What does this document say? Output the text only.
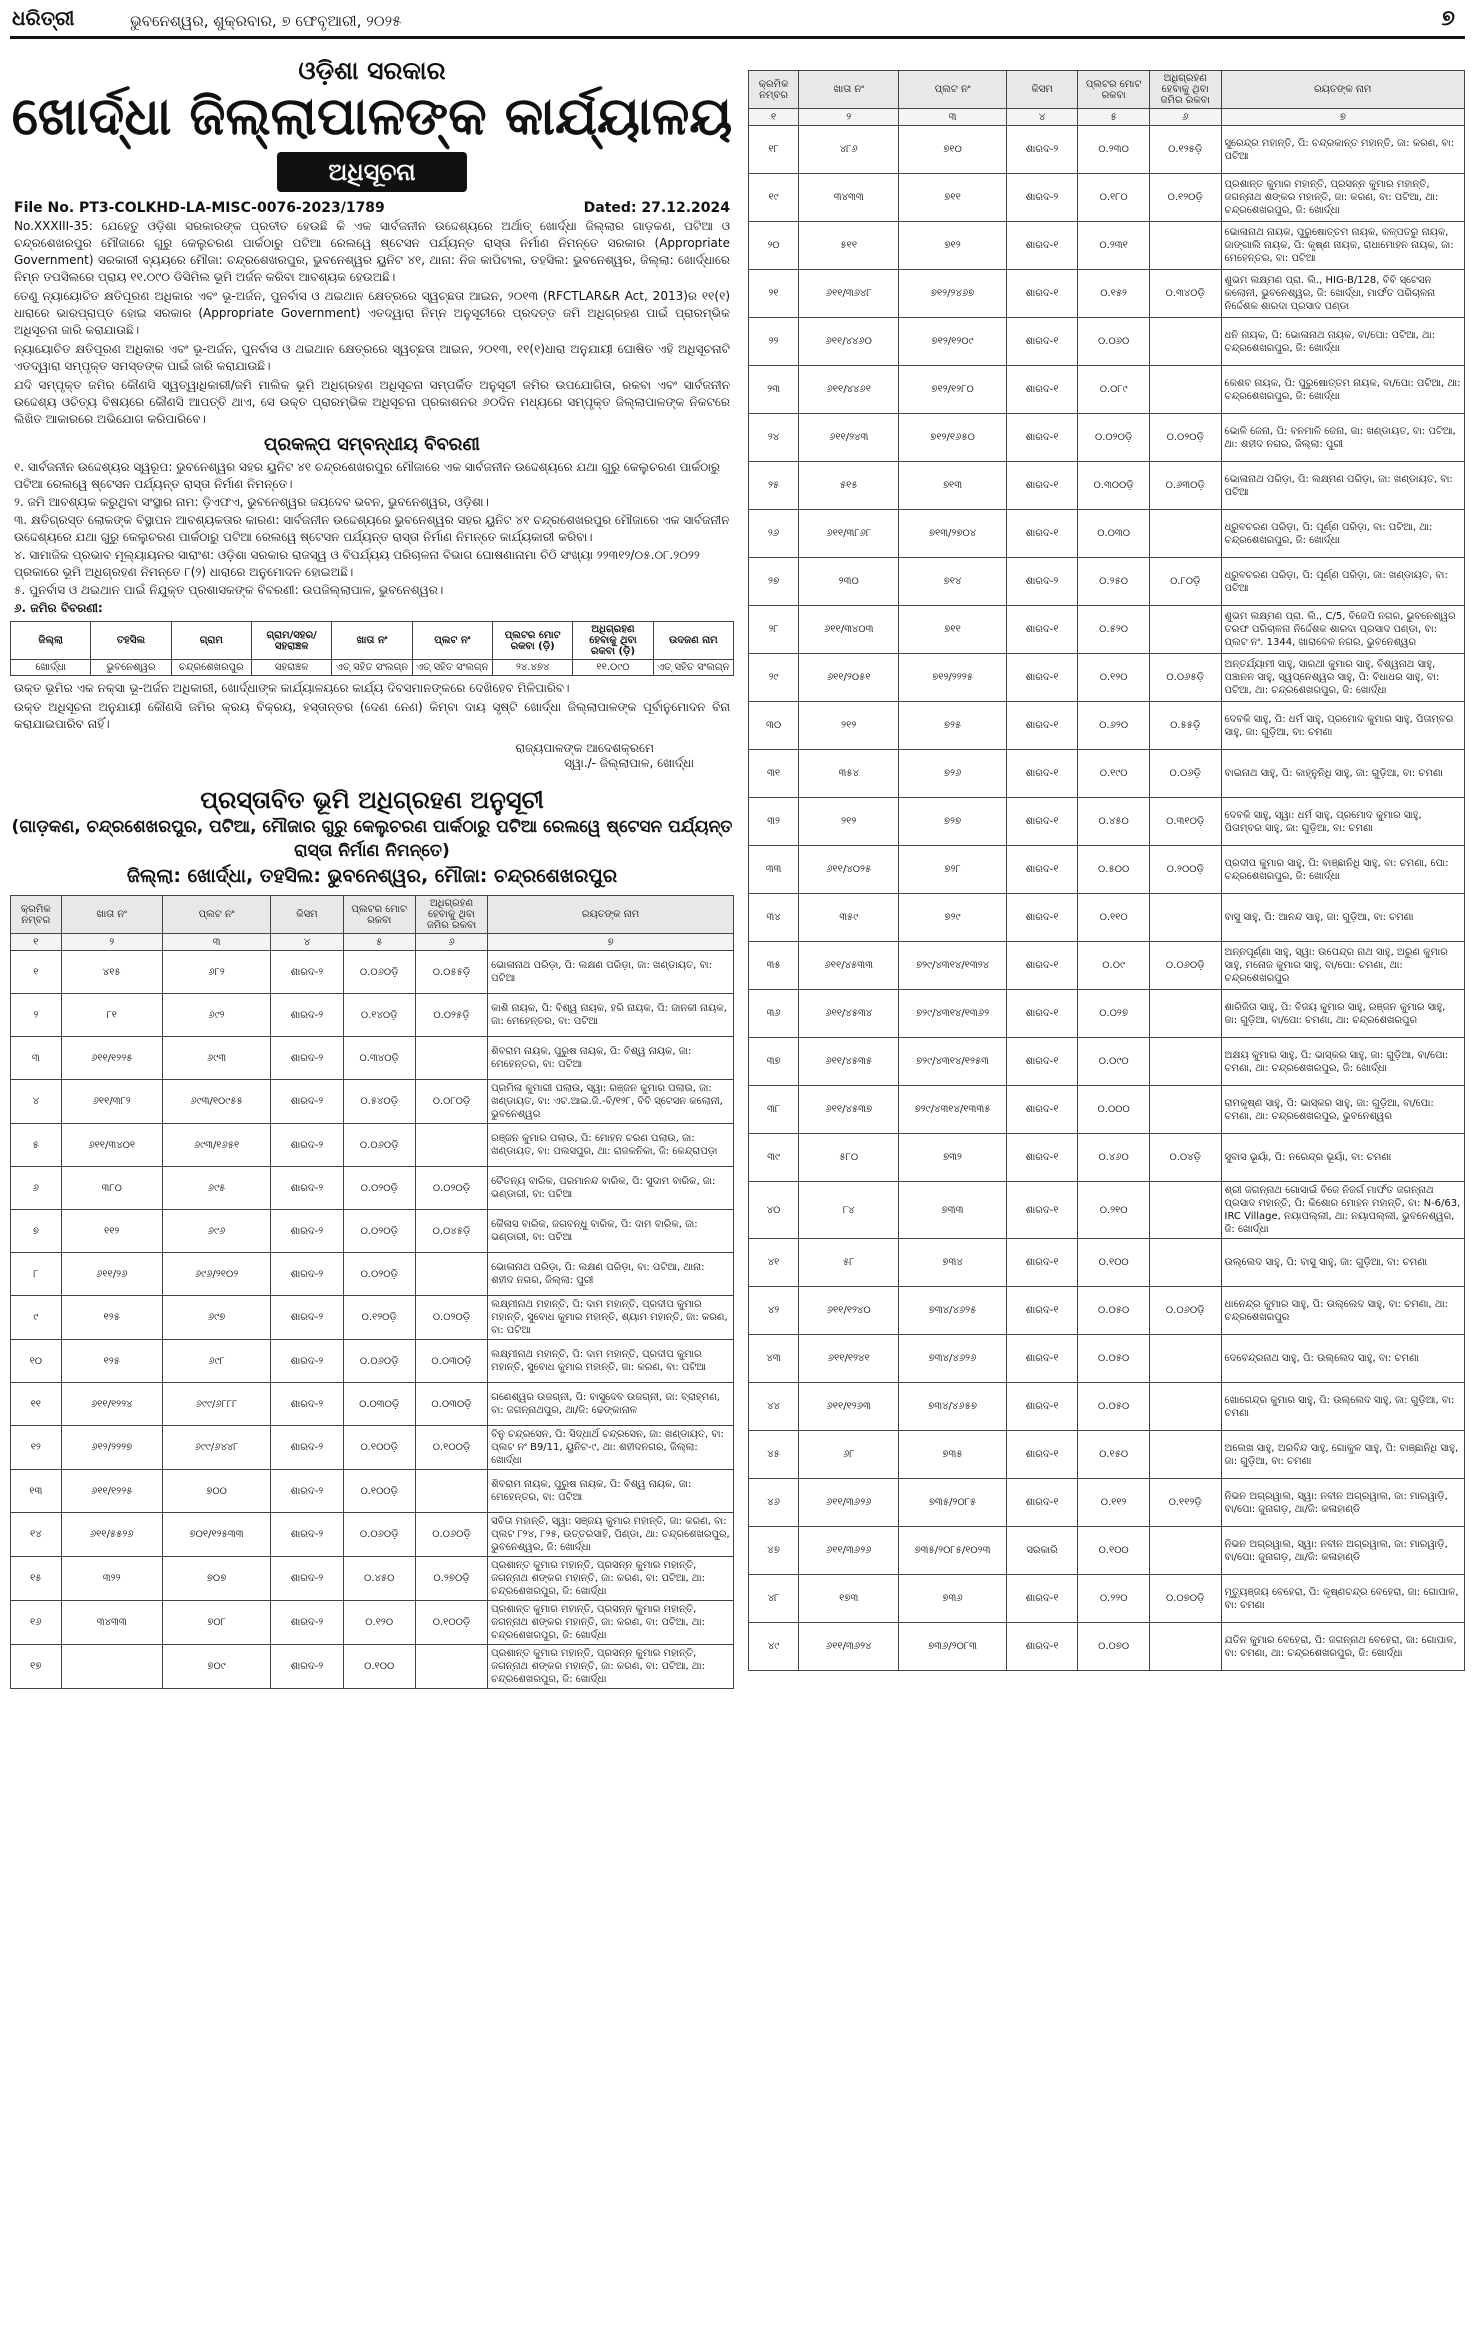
ଧରିତ୍ରୀ	ଭୁବନେଶ୍ୱର, ଶୁକ୍ରବାର, ୭ ଫେବୃଆରୀ, ୨୦୨୫	୭
ଓଡ଼ିଶା ସରକାର
ଖୋର୍ଦ୍ଧା ଜିଲ୍ଲାପାଳଙ୍କ କାର୍ଯ୍ୟାଳୟ
ଅଧିସୂଚନା
File No. PT3-COLKHD-LA-MISC-0076-2023/1789	Dated: 27.12.2024

No.XXXIII-35: ଯେହେତୁ ଓଡ଼ିଶା ସରକାରଙ୍କ ପ୍ରତୀତ ହେଉଛି କି ଏକ ସାର୍ବଜନୀନ ଉଦ୍ଦେଶ୍ୟରେ ଅର୍ଥାତ୍ ଖୋର୍ଦ୍ଧା ଜିଲ୍ଲାର ଗାଡ଼କଣ, ପଟିଆ ଓ ଚନ୍ଦ୍ରଶେଖରପୁର ମୌଜାରେ ଗୁରୁ କେଲୁଚରଣ ପାର୍କଠାରୁ ପଟିଆ ରେଲୱେ ଷ୍ଟେସନ ପର୍ଯ୍ୟନ୍ତ ରାସ୍ତା ନିର୍ମାଣ ନିମନ୍ତେ ସରକାର (Appropriate Government) ସରକାରୀ ବ୍ୟୟରେ ମୌଜା: ଚନ୍ଦ୍ରଶେଖରପୁର, ଭୁବନେଶ୍ୱର ୟୁନିଟ ୪୧, ଥାନା: ନିଜ କାପିଟାଲ, ତହସିଲ: ଭୁବନେଶ୍ୱର, ଜିଲ୍ଲା: ଖୋର୍ଦ୍ଧାରେ ନିମ୍ନ ତପସିଲରେ ପ୍ରାୟ ୧୧.୦୯୦ ଡିସିମିଲ ଭୂମି ଅର୍ଜନ କରିବା ଆବଶ୍ୟକ ହେଉଅଛି।

ତେଣୁ ନ୍ୟାୟୋଚିତ କ୍ଷତିପୂରଣ ଅଧିକାର ଏବଂ ଭୂ-ଅର୍ଜନ, ପୁନର୍ବାସ ଓ ଥଇଥାନ କ୍ଷେତ୍ରରେ ସ୍ୱଚ୍ଛତା ଆଇନ, ୨୦୧୩ (RFCTLAR&R Act, 2013)ର ୧୧(୧) ଧାରାରେ ଭାରପ୍ରାପ୍ତ ହୋଇ ସରକାର (Appropriate Government) ଏତଦ୍ୱାରା ନିମ୍ନ ଅନୁସୂଚୀରେ ପ୍ରଦତ୍ତ ଜମି ଅଧିଗ୍ରହଣ ପାଇଁ ପ୍ରାରମ୍ଭିକ ଅଧିସୂଚନା ଜାରି କରାଯାଉଛି।

ନ୍ୟାୟୋଚିତ କ୍ଷତିପୂରଣ ଅଧିକାର ଏବଂ ଭୂ-ଅର୍ଜନ, ପୁନର୍ବାସ ଓ ଥଇଥାନ କ୍ଷେତ୍ରରେ ସ୍ୱଚ୍ଛତା ଆଇନ, ୨୦୧୩, ୧୧(୧)ଧାରା ଅନୁଯାୟୀ ଘୋଷିତ ଏହି ଅଧିସୂଚନାଟି ଏତଦ୍ୱାରା ସମ୍ପୃକ୍ତ ସମସ୍ତଙ୍କ ପାଇଁ ଜାରି କରାଯାଉଛି।

ଯଦି ସମ୍ପୃକ୍ତ ଜମିର କୌଣସି ସ୍ୱତ୍ୱାଧିକାରୀ/ଜମି ମାଲିକ ଭୂମି ଅଧିଗ୍ରହଣ ଅଧିସୂଚନା ସମ୍ପର୍କିତ ଅନୁସୂଚୀ ଜମିର ଉପଯୋଗିତା, ରକବା ଏବଂ ସାର୍ବଜନୀନ ଉଦ୍ଦେଶ୍ୟ ଓଚିତ୍ୟ ବିଷୟରେ କୌଣସି ଆପତ୍ତି ଥାଏ, ସେ ଉକ୍ତ ପ୍ରାରମ୍ଭିକ ଅଧିସୂଚନା ପ୍ରକାଶନର ୬୦ଦିନ ମଧ୍ୟରେ ସମ୍ପୃକ୍ତ ଜିଲ୍ଲାପାଳଙ୍କ ନିକଟରେ ଲିଖିତ ଆକାରରେ ଅଭିଯୋଗ କରିପାରିବେ।

ପ୍ରକଳ୍ପ ସମ୍ବନ୍ଧୀୟ ବିବରଣୀ
୧. ସାର୍ବଜନୀନ ଉଦ୍ଦେଶ୍ୟର ସ୍ୱରୂପ: ଭୁବନେଶ୍ୱର ସହର ୟୁନିଟ ୪୧ ଚନ୍ଦ୍ରଶେଖରପୁର ମୌଜାରେ ଏକ ସାର୍ବଜନୀନ ଉଦ୍ଦେଶ୍ୟରେ ଯଥା ଗୁରୁ କେଲୁଚରଣ ପାର୍କଠାରୁ ପଟିଆ ରେଲୱେ ଷ୍ଟେସନ ପର୍ଯ୍ୟନ୍ତ ରାସ୍ତା ନିର୍ମାଣ ନିମନ୍ତେ।
୨. ଜମି ଆବଶ୍ୟକ କରୁଥିବା ସଂସ୍ଥାର ନାମ: ଡ଼ିଏଫଏ, ଭୁବନେଶ୍ୱର ଜୟଦେବ ଭବନ, ଭୁବନେଶ୍ୱର, ଓଡ଼ିଶା।
୩. କ୍ଷତିଗ୍ରସ୍ତ ଲୋକଙ୍କ ବିସ୍ଥାପନ ଆବଶ୍ୟକତାର କାରଣ: ସାର୍ବଜନୀନ ଉଦ୍ଦେଶ୍ୟରେ ଭୁବନେଶ୍ୱର ସହର ୟୁନିଟ ୪୧ ଚନ୍ଦ୍ରଶେଖରପୁର ମୌଜାରେ ଏକ ସାର୍ବଜନୀନ ଉଦ୍ଦେଶ୍ୟରେ ଯଥା ଗୁରୁ କେଲୁଚରଣ ପାର୍କଠାରୁ ପଟିଆ ରେଲୱେ ଷ୍ଟେସନ ପର୍ଯ୍ୟନ୍ତ ରାସ୍ତା ନିର୍ମାଣ ନିମନ୍ତେ କାର୍ଯ୍ୟକାରୀ କରିବା।
୪. ସାମାଜିକ ପ୍ରଭାବ ମୂଲ୍ୟାୟନର ସାରାଂଶ: ଓଡ଼ିଶା ସରକାର ରାଜସ୍ୱ ଓ ବିପର୍ଯ୍ୟୟ ପରିଚାଳନା ବିଭାଗ ଘୋଷଣାନାମା ଚିଠି ସଂଖ୍ୟା ୨୨୩୧୨/୦୫.୦୮.୨୦୨୨ ପ୍ରକାରେ ଭୂମି ଅଧିଗ୍ରହଣ ନିମନ୍ତେ ୮(୨) ଧାରାରେ ଅନୁମୋଦନ ହୋଇଅଛି।
୫. ପୁନର୍ବାସ ଓ ଥଇଥାନ ପାଇଁ ନିଯୁକ୍ତ ପ୍ରଶାସକଙ୍କ ବିବରଣୀ: ଉପଜିଲ୍ଲାପାଳ, ଭୁବନେଶ୍ୱର।
୬. ଜମିର ବିବରଣୀ:
ଜିଲ୍ଲା	ତହସିଲ	ଗ୍ରାମ	ଗ୍ରାମ/ସହର/ ସହରାଞ୍ଚଳ	ଖାତା ନଂ	ପ୍ଲଟ ନଂ	ପ୍ଲଟର ମୋଟ ରକବା (ଡ଼ି)	ଅଧିଗ୍ରହଣ ହେବାକୁ ଥିବା ରକବା (ଡ଼ି)	ଉଦଜଣ ନାମ
ଖୋର୍ଦ୍ଧା	ଭୁବନେଶ୍ୱର	ଚନ୍ଦ୍ରଶେଖରପୁର	ସହରାଞ୍ଚଳ	ଏତ୍ ସହିତ ସଂଲଗ୍ନ	ଏତ୍ ସହିତ ସଂଲଗ୍ନ	୨୪.୪୭୪	୧୧.୦୯୦	ଏତ୍ ସହିତ ସଂଲଗ୍ନ

ଉକ୍ତ ଭୂମିର ଏକ ନକ୍ସା ଭୂ-ଅର୍ଜନ ଅଧିକାରୀ, ଖୋର୍ଦ୍ଧାଙ୍କ କାର୍ଯ୍ୟାଳୟରେ କାର୍ଯ୍ୟ ଦିବସମାନଙ୍କରେ ଦେଖିହେବ ମିଳିପାରିବ।

ଉକ୍ତ ଅଧିସୂଚନା ଅନୁଯାୟୀ କୌଣସି ଜମିର କ୍ରୟ ବିକ୍ରୟ, ହସ୍ତାନ୍ତର (ଦେଣ ନେଣ) କିମ୍ବା ଦାୟ ସୃଷ୍ଟି ଖୋର୍ଦ୍ଧା ଜିଲ୍ଲାପାଳଙ୍କ ପୂର୍ବାନୁମୋଦନ ବିନା କରାଯାଇପାରିବ ନାହିଁ।

ରାଜ୍ୟପାଳଙ୍କ ଆଦେଶକ୍ରମେ
ସ୍ୱା./- ଜିଲ୍ଲାପାଳ, ଖୋର୍ଦ୍ଧା
ପ୍ରସ୍ତାବିତ ଭୂମି ଅଧିଗ୍ରହଣ ଅନୁସୂଚୀ
(ଗାଡ଼କଣ, ଚନ୍ଦ୍ରଶେଖରପୁର, ପଟିଆ, ମୌଜାର ଗୁରୁ କେଲୁଚରଣ ପାର୍କଠାରୁ ପଟିଆ ରେଲୱେ ଷ୍ଟେସନ ପର୍ଯ୍ୟନ୍ତ ରାସ୍ତା ନିର୍ମାଣ ନିମନ୍ତେ)
ଜିଲ୍ଲା: ଖୋର୍ଦ୍ଧା, ତହସିଲ: ଭୁବନେଶ୍ୱର, ମୌଜା: ଚନ୍ଦ୍ରଶେଖରପୁର
କ୍ରମିକ ନମ୍ବର	ଖାତା ନଂ	ପ୍ଲଟ ନଂ	କିସମ	ପ୍ଲଟର ମୋଟ ରକବା	ଅଧିଗ୍ରହଣ ହେବାକୁ ଥିବା ଜମିର ରକବା	ରୟତଙ୍କ ନାମ
୧	୨	୩	୪	୫	୬	୭
୧	୪୧୫	୬୮୨	ଶାରଦ-୨	୦.୦୬୦ଡ଼ି	୦.୦୫୫ଡ଼ି	ଭୋଳାନାଥ ପରିଡ଼ା, ପି: ଲକ୍ଷଣ ପରିଡ଼ା, ଜା: ଖଣ୍ଡାୟତ, ବା: ପଟିଆ
୨	୮୧	୬୯୨	ଶାରଦ-୨	୦.୧୪୦ଡ଼ି	୦.୦୨୫ଡ଼ି	କାଶି ନାୟକ, ପି: ବିଶ୍ୱ ନାୟକ, ହରି ନାୟକ, ପି: ଜାନକୀ ନାୟକ, ଜା: ମେହେନ୍ତର, ବା: ପଟିଆ
୩	୬୧୧/୧୨୨୫	୬୯୩	ଶାରଦ-୨	୦.୩୪୦ଡ଼ି		ଶିବରାମ ନାୟକ, ପୁରୁଷ ନାୟକ, ପି: ବିଶ୍ୱ ନାୟକ, ଜା: ମେହେନ୍ତର, ବା: ପଟିଆ
୪	୬୧୧/୩୮୨	୬୯୩/୧୦୯୫୫	ଶାରଦ-୨	୦.୫୪୦ଡ଼ି	୦.୦୮୦ଡ଼ି	ପ୍ରମିଳା କୁମାରୀ ପଲାଉ, ସ୍ୱା: ରଞ୍ଜନ କୁମାର ପଲାଉ, ଜା: ଖଣ୍ଡାୟତ, ବା: ଏଚ.ଆଇ.ଜି.-ବି/୧୨୮, ବିବି ସ୍ଟେସନ କଲୋନୀ, ଭୁବନେଶ୍ୱର
୫	୬୧୧/୩୪୦୧	୬୯୩/୧୬୫୧	ଶାରଦ-୨	୦.୦୬୦ଡ଼ି		ରଞ୍ଜନ କୁମାର ପଲାଉ, ପି: ମୋହନ ଚରଣ ପଲାଉ, ଜା: ଖଣ୍ଡାୟତ, ବା: ପଲସପୁର, ଥା: ରାଜକନିକା, ଜି: କେନ୍ଦ୍ରାପଡ଼ା
୬	୩୮୦	୬୯୫	ଶାରଦ-୨	୦.୦୨୦ଡ଼ି	୦.୦୨୦ଡ଼ି	ଚୈତନ୍ୟ ବାରିକ, ପରମାନନ୍ଦ ବାରିକ, ପି: ସୁଦାମ ବାରିକ, ଜା: ଭଣ୍ଡାରୀ, ବା: ପଟିଆ
୭	୧୧୨	୬୯୬	ଶାରଦ-୨	୦.୦୨୦ଡ଼ି	୦.୦୪୫ଡ଼ି	କୈଳାସ ବାରିକ, ଜଗବନ୍ଧୁ ବାରିକ, ପି: ଦାମ ବାରିକ, ଜା: ଭଣ୍ଡାରୀ, ବା: ପଟିଆ
୮	୬୧୧/୨୬	୬୯୬/୨୧୦୨	ଶାରଦ-୨	୦.୦୨୦ଡ଼ି		ଭୋଳାନାଥ ପରିଡ଼ା, ପି: ଲକ୍ଷଣ ପରିଡ଼ା, ବା: ପଟିଆ, ଥାନା: ଶହୀଦ ନଗର, ଜିଲ୍ଲା: ପୁରୀ
୯	୧୨୫	୬୯୭	ଶାରଦ-୨	୦.୧୨୦ଡ଼ି	୦.୦୨୦ଡ଼ି	ଲକ୍ଷ୍ମୀନାଥ ମହାନ୍ତି, ପି: ଦାମ ମହାନ୍ତି, ପ୍ରଦୀପ କୁମାର ମହାନ୍ତି, ସୁବୋଧ କୁମାର ମହାନ୍ତି, ଶ୍ୟାମ ମହାନ୍ତି, ଜା: କରଣ, ବା: ପଟିଆ
୧୦	୧୨୫	୬୯୮	ଶାରଦ-୨	୦.୦୬୦ଡ଼ି	୦.୦୩୦ଡ଼ି	ଲକ୍ଷ୍ମୀନାଥ ମହାନ୍ତି, ପି: ଦାମ ମହାନ୍ତି, ପ୍ରଦୀପ କୁମାର ମହାନ୍ତି, ସୁବୋଧ କୁମାର ମହାନ୍ତି, ଜା: କରଣ, ବା: ପଟିଆ
୧୧	୬୧୧/୧୨୨୪	୬୯୯/୬୮୮୮	ଶାରଦ-୨	୦.୦୩୦ଡ଼ି	୦.୦୩୦ଡ଼ି	ଗଣେଶ୍ୱର ଉଜଗ୍ନୀ, ପି: ବାସୁଦେବ ଉଜଗ୍ନୀ, ଜା: ବ୍ରାହ୍ମଣ, ବା: ଜଗନ୍ନାଥପୁର, ଥା/ଜି: ଢେଙ୍କାନାଳ
୧୨	୬୧୨/୨୨୨୭	୬୯୯/୬୪୪୮	ଶାରଦ-୨	୦.୧୦୦ଡ଼ି	୦.୧୦୦ଡ଼ି	ବିନୁ ଚନ୍ଦ୍ରସେନ, ପି: ସିଦ୍ଧାର୍ଥ ଚନ୍ଦ୍ରସେନ, ଜା: ଖଣ୍ଡାୟତ, ବା: ପ୍ଲଟ ନଂ B9/11, ୟୁନିଟ-୯, ଥା: ଶହୀଦନଗର, ଜିଲ୍ଲା: ଖୋର୍ଦ୍ଧା
୧୩	୬୧୧/୧୨୨୫	୭୦୦	ଶାରଦ-୨	୦.୧୦୦ଡ଼ି		ଶିବରାମ ନାୟକ, ପୁରୁଷ ନାୟକ, ପି: ବିଶ୍ୱ ନାୟକ, ଜା: ମେହେନ୍ତର, ବା: ପଟିଆ
୧୪	୬୧୧/୫୫୨୬	୭୦୧/୧୨୫୩୩	ଶାରଦ-୨	୦.୦୬୦ଡ଼ି	୦.୦୬୦ଡ଼ି	ସବିତା ମହାନ୍ତି, ସ୍ୱା: ସଞ୍ଜୟ କୁମାର ମହାନ୍ତି, ଜା: କରଣ, ବା: ପ୍ଲଟ ୮୨୪, ୮୨୫, ଉତ୍ତରସାହି, ପିଣ୍ଡା, ଥା: ଚନ୍ଦ୍ରଶେଖରପୁର, ଭୁବନେଶ୍ୱର, ଜି: ଖୋର୍ଦ୍ଧା
୧୫	୩୨୨	୭୦୭	ଶାରଦ-୨	୦.୪୫୦	୦.୨୭୦ଡ଼ି	ପ୍ରଶାନ୍ତ କୁମାର ମହାନ୍ତି, ପ୍ରସନ୍ନ କୁମାର ମହାନ୍ତି, ଜଗନ୍ନାଥ ଶଙ୍କର ମହାନ୍ତି, ଜା: କରଣ, ବା: ପଟିଆ, ଥା: ଚନ୍ଦ୍ରଶେଖରପୁର, ଜି: ଖୋର୍ଦ୍ଧା
୧୬	୩୪୩୩	୭୦୮	ଶାରଦ-୨	୦.୧୨୦	୦.୧୦୦ଡ଼ି	ପ୍ରଶାନ୍ତ କୁମାର ମହାନ୍ତି, ପ୍ରସନ୍ନ କୁମାର ମହାନ୍ତି, ଜଗନ୍ନାଥ ଶଙ୍କର ମହାନ୍ତି, ଜା: କରଣ, ବା: ପଟିଆ, ଥା: ଚନ୍ଦ୍ରଶେଖରପୁର, ଜି: ଖୋର୍ଦ୍ଧା
୧୭		୭୦୯	ଶାରଦ-୨	୦.୧୦୦		ପ୍ରଶାନ୍ତ କୁମାର ମହାନ୍ତି, ପ୍ରସନ୍ନ କୁମାର ମହାନ୍ତି, ଜଗନ୍ନାଥ ଶଙ୍କର ମହାନ୍ତି, ଜା: କରଣ, ବା: ପଟିଆ, ଥା: ଚନ୍ଦ୍ରଶେଖରପୁର, ଜି: ଖୋର୍ଦ୍ଧା
କ୍ରମିକ ନମ୍ବର	ଖାତା ନଂ	ପ୍ଲଟ ନଂ	କିସମ	ପ୍ଲଟର ମୋଟ ରକବା	ଅଧିଗ୍ରହଣ ହେବାକୁ ଥିବା ଜମିର ରକବା	ରୟତଙ୍କ ନାମ
୧	୨	୩	୪	୫	୬	୭
୧୮	୪୮୬	୭୧୦	ଶାରଦ-୨	୦.୨୩୦	୦.୧୨୫ଡ଼ି	ସୁରେନ୍ଦ୍ର ମହାନ୍ତି, ପି: ଚନ୍ଦ୍ରକାନ୍ତ ମହାନ୍ତି, ଜା: କରଣ, ବା: ପଟିଆ
୧୯	୩୪୩୩	୭୧୧	ଶାରଦ-୨	୦.୧୮୦	୦.୧୨୦ଡ଼ି	ପ୍ରଶାନ୍ତ କୁମାର ମହାନ୍ତି, ପ୍ରସନ୍ନ କୁମାର ମହାନ୍ତି, ଜଗନ୍ନାଥ ଶଙ୍କର ମହାନ୍ତି, ଜା: କରଣ, ବା: ପଟିଆ, ଥା: ଚନ୍ଦ୍ରଶେଖରପୁର, ଜି: ଖୋର୍ଦ୍ଧା
୨୦	୫୧୧	୭୧୨	ଶାରଦ-୧	୦.୨୩୧		ଭୋଳାନାଥ ନାୟକ, ପୁରୁଷୋତ୍ତମ ନାୟକ, କଳ୍ପତରୁ ନାୟକ, ଜାଙ୍ଗାଲି ନାୟକ, ପି: କୃଷ୍ଣ ନାୟକ, ରାଧାମୋହନ ନାୟକ, ଜା: ମେହେନ୍ତର, ବା: ପଟିଆ
୨୧	୬୧୧/୩୬୪୮	୭୧୨/୨୪୬୭	ଶାରଦ-୧	୦.୧୫୨	୦.୩୪୦ଡ଼ି	ଶୁଭମ ଲକ୍ଷ୍ମଣ ପ୍ରା. ଲି., HIG-B/128, ବିବି ସ୍ଟେସନ କଲୋନୀ, ଭୁବନେଶ୍ୱର, ଜି: ଖୋର୍ଦ୍ଧା, ମାର୍ଫତ ପରିଚାଳନା ନିର୍ଦ୍ଦେଶକ ଶାରଦା ପ୍ରସାଦ ପଣ୍ଡା
୨୨	୬୧୧/୪୪୬୦	୭୧୨/୧୨୦୯	ଶାରଦ-୧	୦.୦୬୦		ଧନି ନାୟକ, ପି: ଭୋଳାନାଥ ନାୟକ, ବା/ପୋ: ପଟିଆ, ଥା: ଚନ୍ଦ୍ରଶେଖରପୁର, ଜି: ଖୋର୍ଦ୍ଧା
୨୩	୬୧୧/୪୪୬୧	୭୧୨/୧୨୮୦	ଶାରଦ-୧	୦.୦୮୯		କେଶବ ନାୟକ, ପି: ପୁରୁଷୋତ୍ତମ ନାୟକ, ବା/ପୋ: ପଟିଆ, ଥା: ଚନ୍ଦ୍ରଶେଖରପୁର, ଜି: ଖୋର୍ଦ୍ଧା
୨୪	୬୧୧/୨୪୩	୭୧୨/୧୬୫୦	ଶାରଦ-୧	୦.୦୨୦ଡ଼ି	୦.୦୨୦ଡ଼ି	ଭୋଳି ଜେନା, ପି: ବନମାଳି ଜେନା, ଜା: ଖଣ୍ଡାୟତ, ବା: ପଟିଆ, ଥା: ଶହୀଦ ନଗର, ଜିଲ୍ଲା: ପୁରୀ
୨୫	୫୧୫	୭୧୩	ଶାରଦ-୧	୦.୩୦୦ଡ଼ି	୦.୬୩୦ଡ଼ି	ଭୋଳାନାଥ ପରିଡ଼ା, ପି: ଲକ୍ଷ୍ମଣ ପରିଡ଼ା, ଜା: ଖଣ୍ଡାୟତ, ବା: ପଟିଆ
୨୬	୬୧୧/୩୮୬୮	୭୧୩/୨୭୦୪	ଶାରଦ-୧	୦.୦୩୦		ଧ୍ରୁବଚରଣ ପରିଡ଼ା, ପି: ପୂର୍ଣ୍ଣ ପରିଡ଼ା, ବା: ପଟିଆ, ଥା: ଚନ୍ଦ୍ରଶେଖରପୁର, ଜି: ଖୋର୍ଦ୍ଧା
୨୭	୨୩୦	୭୧୪	ଶାରଦ-୨	୦.୨୫୦	୦.୮୦ଡ଼ି	ଧ୍ରୁବଚରଣ ପରିଡ଼ା, ପି: ପୂର୍ଣ୍ଣ ପରିଡ଼ା, ଜା: ଖଣ୍ଡାୟତ, ବା: ପଟିଆ
୨୮	୬୧୧/୩୪୦୩	୭୧୧	ଶାରଦ-୧	୦.୫୨୦		ଶୁଭମ ଲକ୍ଷ୍ମଣ ପ୍ରା. ଲି., C/5, ବିଜେପି ନଗର, ଭୁବନେଶ୍ୱର ତରଫ ପରିଚାଳନା ନିର୍ଦ୍ଦେଶକ ଶାରଦା ପ୍ରସାଦ ପଣ୍ଡା, ବା: ପ୍ଲଟ ନଂ. 1344, ଖାରାବେଳ ନଗର, ଭୁବନେଶ୍ୱର
୨୯	୬୧୧/୨୦୫୧	୭୧୨/୨୨୨୫	ଶାରଦ-୧	୦.୧୨୦	୦.୦୬୫ଡ଼ି	ଅନ୍ତର୍ଯ୍ୟାମୀ ସାହୁ, ସାରଥୀ କୁମାର ସାହୁ, ବିଶ୍ୱନାଥ ସାହୁ, ପଞ୍ଚାନନ ସାହୁ, ସ୍ୱପ୍ନେଶ୍ୱର ସାହୁ, ପି: ବିଧାଧର ସାହୁ, ବା: ପଟିଆ, ଥା: ଚନ୍ଦ୍ରଶେଖରପୁର, ଜି: ଖୋର୍ଦ୍ଧା
୩୦	୨୧୨	୭୨୫	ଶାରଦ-୧	୦.୬୨୦	୦.୫୫ଡ଼ି	ଦେବକି ସାହୁ, ପି: ଧର୍ମ ସାହୁ, ପ୍ରମୋଦ କୁମାର ସାହୁ, ପିତାମ୍ବର ସାହୁ, ଜା: ଗୁଡ଼ିଆ, ବା: ଚମଣା
୩୧	୩୫୪	୭୨୬	ଶାରଦ-୧	୦.୧୯୦	୦.୦୬ଡ଼ି	ବାଇନାଥ ସାହୁ, ପି: କାହ୍ନୁନିଧି ସାହୁ, ଜା: ଗୁଡ଼ିଆ, ବା: ଚମଣା
୩୨	୨୧୨	୭୨୭	ଶାରଦ-୧	୦.୪୫୦	୦.୩୧୦ଡ଼ି	ଦେବକି ସାହୁ, ସ୍ୱା: ଧର୍ମ ସାହୁ, ପ୍ରମୋଦ କୁମାର ସାହୁ, ପିତାମ୍ବର ସାହୁ, ଜା: ଗୁଡ଼ିଆ, ବା: ଚମଣା
୩୩	୬୧୧/୪୦୨୫	୭୨୮	ଶାରଦ-୧	୦.୫୦୦	୦.୨୦୦ଡ଼ି	ପ୍ରଦୀପ କୁମାର ସାହୁ, ପି: ବାଞ୍ଛାନିଧି ସାହୁ, ବା: ଚମଣା, ପୋ: ଚନ୍ଦ୍ରଶେଖରପୁର, ଜି: ଖୋର୍ଦ୍ଧା
୩୪	୩୫୯	୭୨୯	ଶାରଦ-୧	୦.୧୧୦		ବାସୁ ସାହୁ, ପି: ଆନନ୍ଦ ସାହୁ, ଜା: ଗୁଡ଼ିଆ, ବା: ଚମଣା
୩୫	୬୧୧/୪୫୩୩	୭୨୯/୪୩୧୪/୧୩୨୪	ଶାରଦ-୧	୦.୦୯	୦.୦୬୦ଡ଼ି	ଅନ୍ନପୂର୍ଣ୍ଣା ସାହୁ, ସ୍ୱା: ଉପେନ୍ଦ୍ର ନାଥ ସାହୁ, ଅରୁଣ କୁମାର ସାହୁ, ମନୋଜ କୁମାର ସାହୁ, ବା/ପୋ: ଚମଣା, ଥା: ଚନ୍ଦ୍ରଶେଖରପୁର
୩୬	୬୧୧/୪୫୩୪	୭୨୯/୪୩୧୪/୧୩୬୨	ଶାରଦ-୧	୦.୦୨୭		ଶାରିଜିତା ସାହୁ, ପି: ବିଜୟ କୁମାର ସାହୁ, ରଞ୍ଜନ କୁମାର ସାହୁ, ଜା: ଗୁଡ଼ିଆ, ବା/ପୋ: ଚମଣା, ଥା: ଚନ୍ଦ୍ରଶେଖରପୁର
୩୭	୬୧୧/୪୫୩୫	୭୨୯/୪୩୧୪/୧୨୫୩	ଶାରଦ-୧	୦.୦୯୦		ଅକ୍ଷୟ କୁମାର ସାହୁ, ପି: ଭାସ୍କର ସାହୁ, ଜା: ଗୁଡ଼ିଆ, ବା/ପୋ: ଚମଣା, ଥା: ଚନ୍ଦ୍ରଶେଖରପୁର, ଜି: ଖୋର୍ଦ୍ଧା
୩୮	୬୧୧/୪୫୩୭	୭୨୯/୪୩୧୪/୧୩୩୫	ଶାରଦ-୧	୦.୦୦୦		ରାମକୃଷ୍ଣ ସାହୁ, ପି: ଭାସ୍କର ସାହୁ, ଜା: ଗୁଡ଼ିଆ, ବା/ପୋ: ଚମଣା, ଥା: ଚନ୍ଦ୍ରଶେଖରପୁର, ଭୁବନେଶ୍ୱର
୩୯	୫୮୦	୭୩୨	ଶାରଦ-୧	୦.୪୬୦	୦.୦୪ଡ଼ି	ସୁବାସ ଭୂୟାଁ, ପି: ନରେନ୍ଦ୍ର ଭୂୟାଁ, ବା: ଚମଣା
୪୦	୮୪	୭୩୩	ଶାରଦ-୧	୦.୨୧୦		ଶ୍ରୀ ଜଗନ୍ନାଥ ଗୋସାଇଁ ବିଜେ ନିଜର୍ଗ ମାର୍ଫତ ଜଗନ୍ନାଥ ପ୍ରସାଦ ମହାନ୍ତି, ପି: କିଶୋର ମୋହନ ମହାନ୍ତି, ବା: N-6/63, IRC Village, ନୟାପଲ୍ଲୀ, ଥା: ନୟାପଲ୍ଲୀ, ଭୁବନେଶ୍ୱର, ଜି: ଖୋର୍ଦ୍ଧା
୪୧	୫୮	୭୩୪	ଶାରଦ-୧	୦.୧୦୦		ଉଲ୍ଲେଦ ସାହୁ, ପି: ବାସୁ ସାହୁ, ଜା: ଗୁଡ଼ିଆ, ବା: ଚମଣା
୪୨	୬୧୧/୧୨୪୦	୭୩୪/୪୬୨୫	ଶାରଦ-୧	୦.୦୫୦	୦.୦୬୦ଡ଼ି	ଧାନେନ୍ଦ୍ର କୁମାର ସାହୁ, ପି: ଉଲ୍ଲେଦ ସାହୁ, ବା: ଚମଣା, ଥା: ଚନ୍ଦ୍ରଶେଖରପୁର
୪୩	୬୧୧/୧୨୪୧	୭୩୪/୪୬୨୬	ଶାରଦ-୧	୦.୦୫୦		ଦେବେନ୍ଦ୍ରନାଥ ସାହୁ, ପି: ଉଲ୍ଲେଦ ସାହୁ, ବା: ଚମଣା
୪୪	୬୧୧/୧୨୬୩	୭୩୪/୪୬୫୭	ଶାରଦ-୧	୦.୦୫୦		ଖୋଗେନ୍ଦ୍ର କୁମାର ସାହୁ, ପି: ଉଲ୍ଲେଦ ସାହୁ, ଜା: ଗୁଡ଼ିଆ, ବା: ଚମଣା
୪୫	୬୮	୭୩୫	ଶାରଦ-୧	୦.୧୫୦		ଅଲେଖ ସାହୁ, ଅରବିନ୍ଦ ସାହୁ, ଗୋକୁଳ ସାହୁ, ପି: ବାଞ୍ଛାନିଧି ସାହୁ, ଜା: ଗୁଡ଼ିଆ, ବା: ଚମଣା
୪୬	୬୧୧/୩୬୨୬	୭୩୫/୨୦୮୫	ଶାରଦ-୧	୦.୧୧୨	୦.୧୧୨ଡ଼ି	ନିଭନ ଅଗ୍ରୱାଲ, ସ୍ୱା: ନବୀନ ଅଗ୍ରୱାଲ, ଜା: ମାରୱାଡ଼ି, ବା/ପୋ: ଜୁନାଗଡ଼, ଥା/ଜି: କଳାହାଣ୍ଡି
୪୭	୬୧୧/୩୬୨୬	୭୩୫/୨୦୮୫/୧୦୨୩	ସରକାରି	୦.୧୦୦		ନିଭନ ଅଗ୍ରୱାଲ, ସ୍ୱା: ନବୀନ ଅଗ୍ରୱାଲ, ଜା: ମାରୱାଡ଼ି, ବା/ପୋ: ଜୁନାଗଡ଼, ଥା/ଜି: କଳାହାଣ୍ଡି
୪୮	୧୭୩	୭୩୬	ଶାରଦ-୧	୦.୨୨୦	୦.୦୭୦ଡ଼ି	ମୃତ୍ୟୁଞ୍ଜୟ ବେହେରା, ପି: କୃଷ୍ଣଚନ୍ଦ୍ର ବେହେରା, ଜା: ଗୋପାଳ, ବା: ଚମଣା
୪୯	୬୧୧/୩୬୨୪	୭୩୬/୨୦୮୩	ଶାରଦ-୧	୦.୦୭୦		ଯତିନ କୁମାର ବେହେରା, ପି: ଜଗନ୍ନାଥ ବେହେରା, ଜା: ଗୋପାଳ, ବା: ଚମଣା, ଥା: ଚନ୍ଦ୍ରଶେଖରପୁର, ଜି: ଖୋର୍ଦ୍ଧା
